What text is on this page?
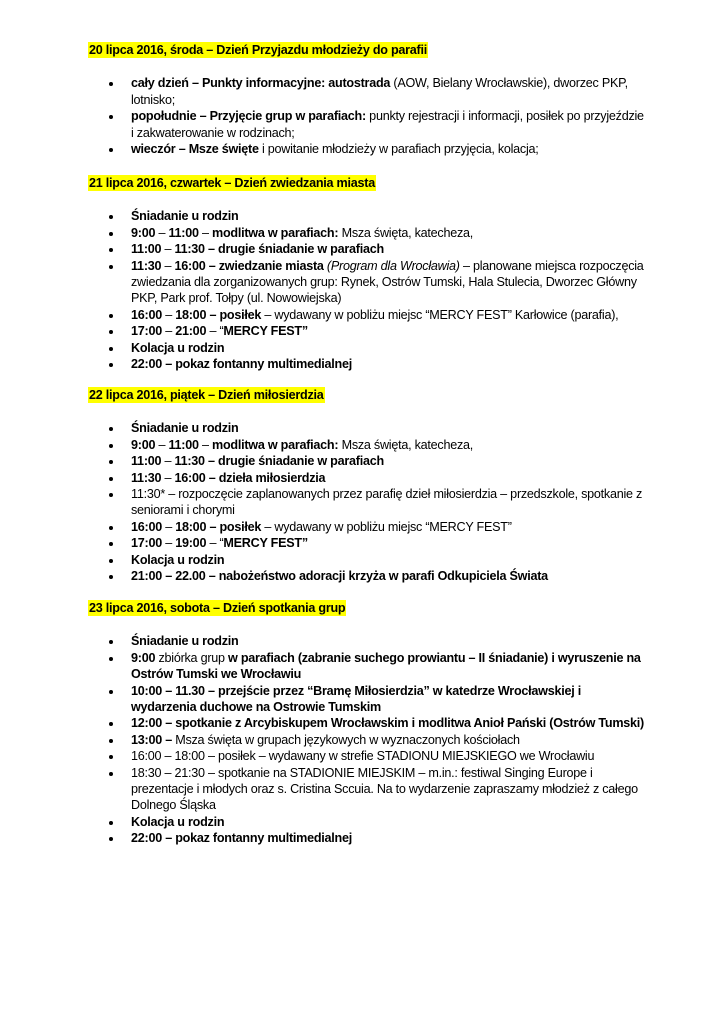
20 lipca 2016, środa – Dzień Przyjazdu młodzieży do parafii
cały dzień – Punkty informacyjne: autostrada (AOW, Bielany Wrocławskie), dworzec PKP, lotnisko;
popołudnie – Przyjęcie grup w parafiach: punkty rejestracji i informacji, posiłek po przyjeździe i zakwaterowanie w rodzinach;
wieczór – Msze święte i powitanie młodzieży w parafiach przyjęcia, kolacja;
21 lipca 2016, czwartek – Dzień zwiedzania miasta
Śniadanie u rodzin
9:00 – 11:00 – modlitwa w parafiach: Msza święta, katecheza,
11:00 – 11:30 – drugie śniadanie w parafiach
11:30 – 16:00 – zwiedzanie miasta (Program dla Wrocławia) – planowane miejsca rozpoczęcia zwiedzania dla zorganizowanych grup: Rynek, Ostrów Tumski, Hala Stulecia, Dworzec Główny PKP, Park prof. Tołpy (ul. Nowowiejska)
16:00 – 18:00 – posiłek – wydawany w pobliżu miejsc “MERCY FEST” Karłowice (parafia),
17:00 – 21:00 – “MERCY FEST”
Kolacja u rodzin
22:00 – pokaz fontanny multimedialnej
22 lipca 2016, piątek – Dzień miłosierdzia
Śniadanie u rodzin
9:00 – 11:00 – modlitwa w parafiach: Msza święta, katecheza,
11:00 – 11:30 – drugie śniadanie w parafiach
11:30 – 16:00 – dzieła miłosierdzia
11:30* – rozpoczęcie zaplanowanych przez parafię dzieł miłosierdzia – przedszkole, spotkanie z seniorami i chorymi
16:00 – 18:00 – posiłek – wydawany w pobliżu miejsc “MERCY FEST”
17:00 – 19:00 – “MERCY FEST”
Kolacja u rodzin
21:00 – 22.00 – nabożeństwo adoracji krzyża w parafi Odkupiciela Świata
23 lipca 2016, sobota – Dzień spotkania grup
Śniadanie u rodzin
9:00 zbiórka grup w parafiach (zabranie suchego prowiantu – II śniadanie) i wyruszenie na Ostrów Tumski we Wrocławiu
10:00 – 11.30 – przejście przez “Bramę Miłosierdzia” w katedrze Wrocławskiej i wydarzenia duchowe na Ostrowie Tumskim
12:00 – spotkanie z Arcybiskupem Wrocławskim i modlitwa Anioł Pański (Ostrów Tumski)
13:00 – Msza święta w grupach językowych w wyznaczonych kościołach
16:00 – 18:00 – posiłek – wydawany w strefie STADIONU MIEJSKIEGO we Wrocławiu
18:30 – 21:30 – spotkanie na STADIONIE MIEJSKIM – m.in.: festiwal Singing Europe i prezentacje i młodych oraz s. Cristina Sccuia. Na to wydarzenie zapraszamy młodzież z całego Dolnego Śląska
Kolacja u rodzin
22:00 – pokaz fontanny multimedialnej
